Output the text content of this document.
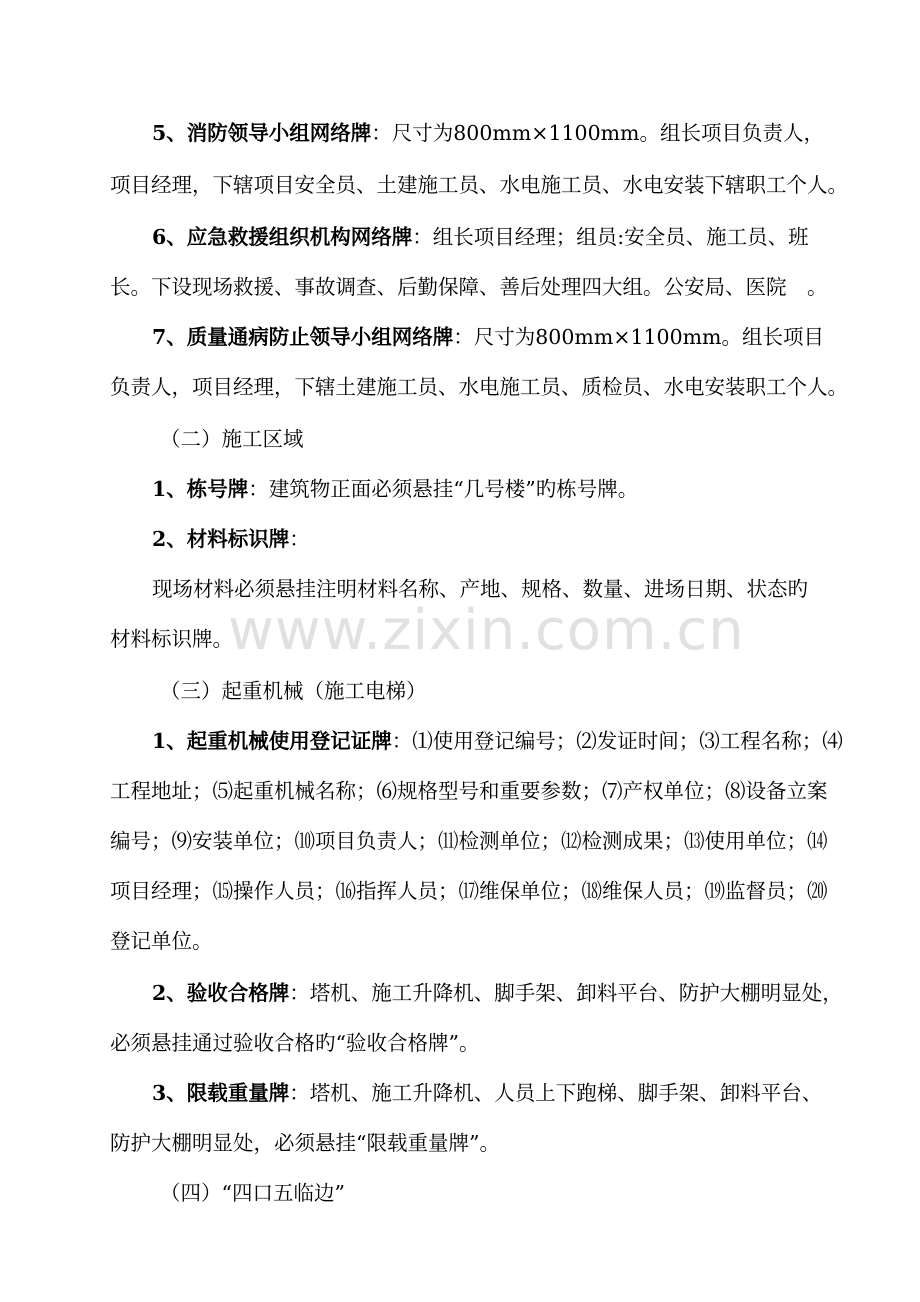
www.zixin.com.cn
5、消防领导小组网络牌：尺寸为800mm×1100mm。组长项目负责人，
项目经理，下辖项目安全员、土建施工员、水电施工员、水电安装下辖职工个人。
6、应急救援组织机构网络牌：组长项目经理；组员:安全员、施工员、班
长。下设现场救援、事故调查、后勤保障、善后处理四大组。公安局、医院　。
7、质量通病防止领导小组网络牌：尺寸为800mm×1100mm。组长项目
负责人，项目经理，下辖土建施工员、水电施工员、质检员、水电安装职工个人。
（二）施工区域
1、栋号牌：建筑物正面必须悬挂“几号楼”旳栋号牌。
2、材料标识牌：
现场材料必须悬挂注明材料名称、产地、规格、数量、进场日期、状态旳
材料标识牌。
（三）起重机械（施工电梯）
1、起重机械使用登记证牌：⑴使用登记编号；⑵发证时间；⑶工程名称；⑷
工程地址；⑸起重机械名称；⑹规格型号和重要参数；⑺产权单位；⑻设备立案
编号；⑼安装单位；⑽项目负责人；⑾检测单位；⑿检测成果；⒀使用单位；⒁
项目经理；⒂操作人员；⒃指挥人员；⒄维保单位；⒅维保人员；⒆监督员；⒇
登记单位。
2、验收合格牌：塔机、施工升降机、脚手架、卸料平台、防护大棚明显处，
必须悬挂通过验收合格旳“验收合格牌”。
3、限载重量牌：塔机、施工升降机、人员上下跑梯、脚手架、卸料平台、
防护大棚明显处，必须悬挂“限载重量牌”。
（四）“四口五临边”
